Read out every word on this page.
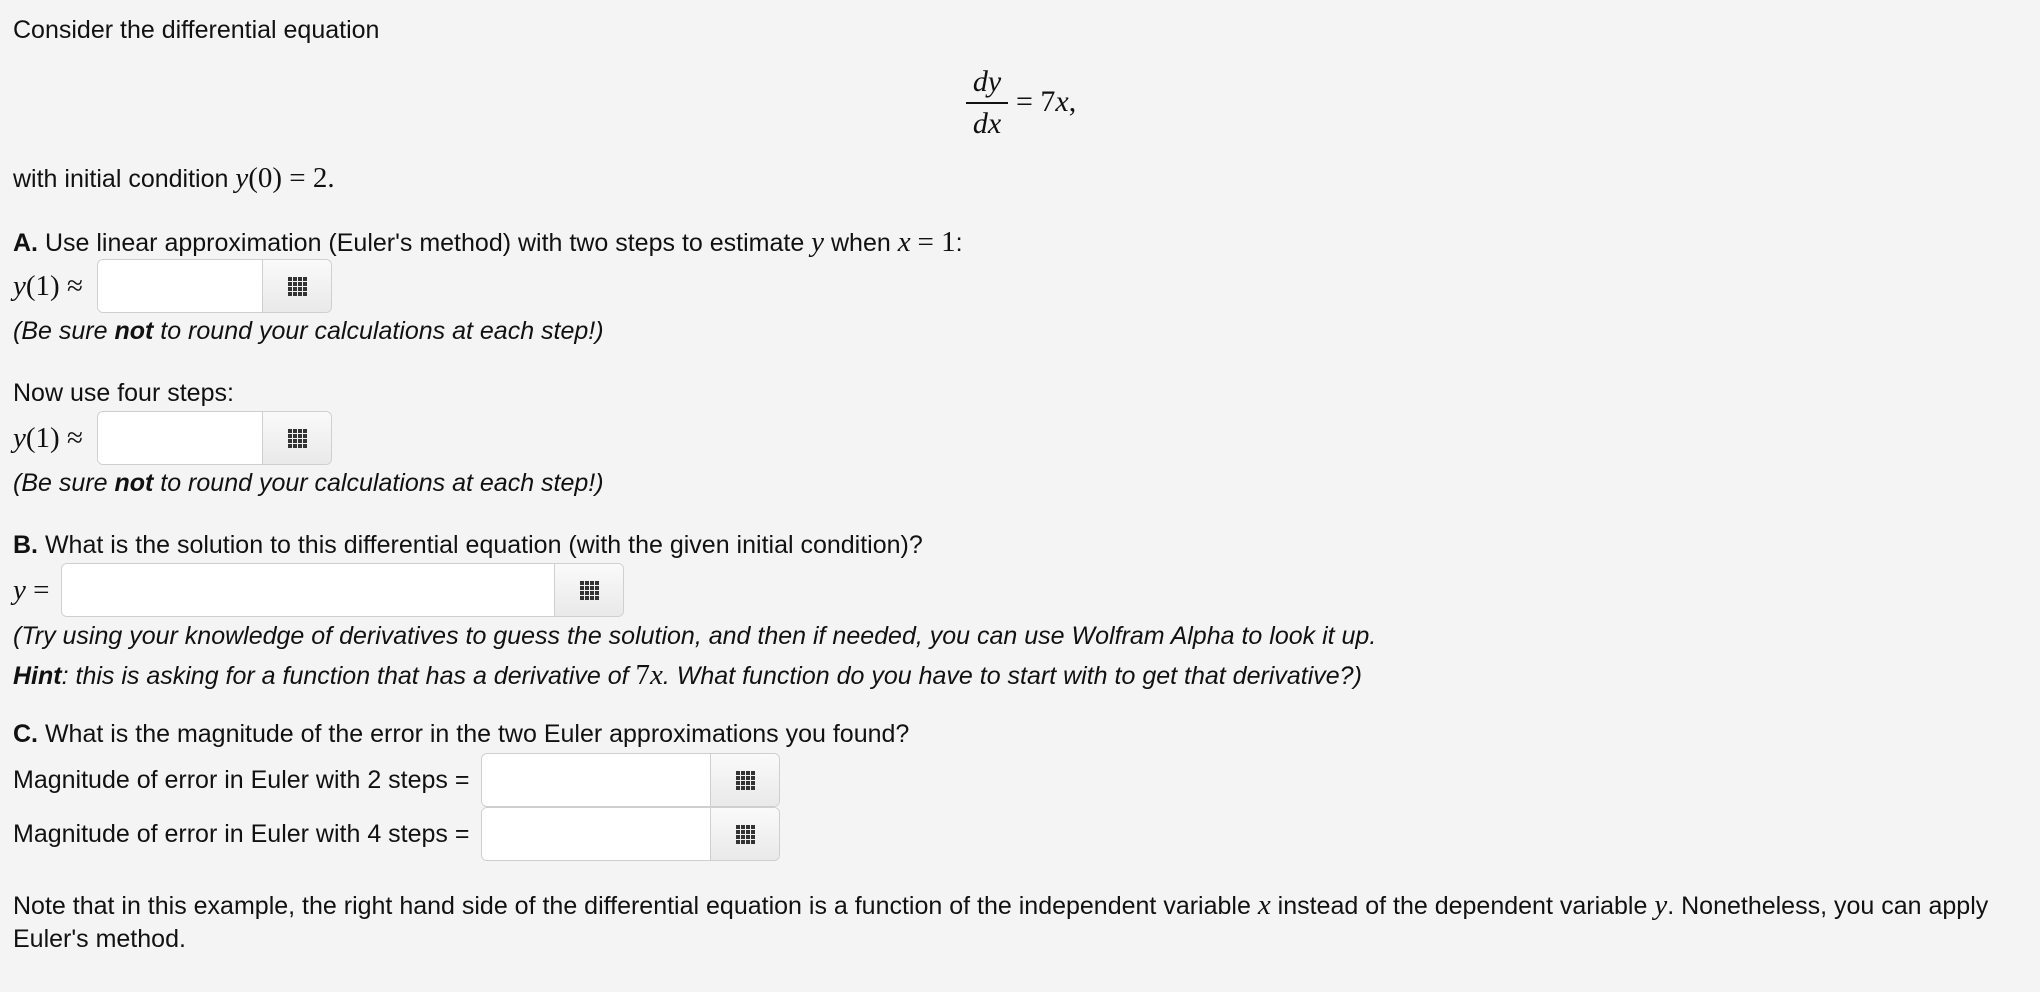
Consider the differential equation
dy
dx
= 7x,
with initial condition y(0) = 2.
A. Use linear approximation (Euler's method) with two steps to estimate y when x = 1:
y(1) ≈
(Be sure not to round your calculations at each step!)
Now use four steps:
y(1) ≈
(Be sure not to round your calculations at each step!)
B. What is the solution to this differential equation (with the given initial condition)?
y =
(Try using your knowledge of derivatives to guess the solution, and then if needed, you can use Wolfram Alpha to look it up.
Hint: this is asking for a function that has a derivative of 7x. What function do you have to start with to get that derivative?)
C. What is the magnitude of the error in the two Euler approximations you found?
Magnitude of error in Euler with 2 steps =
Magnitude of error in Euler with 4 steps =
Note that in this example, the right hand side of the differential equation is a function of the independent variable x instead of the dependent variable y. Nonetheless, you can apply
Euler's method.
